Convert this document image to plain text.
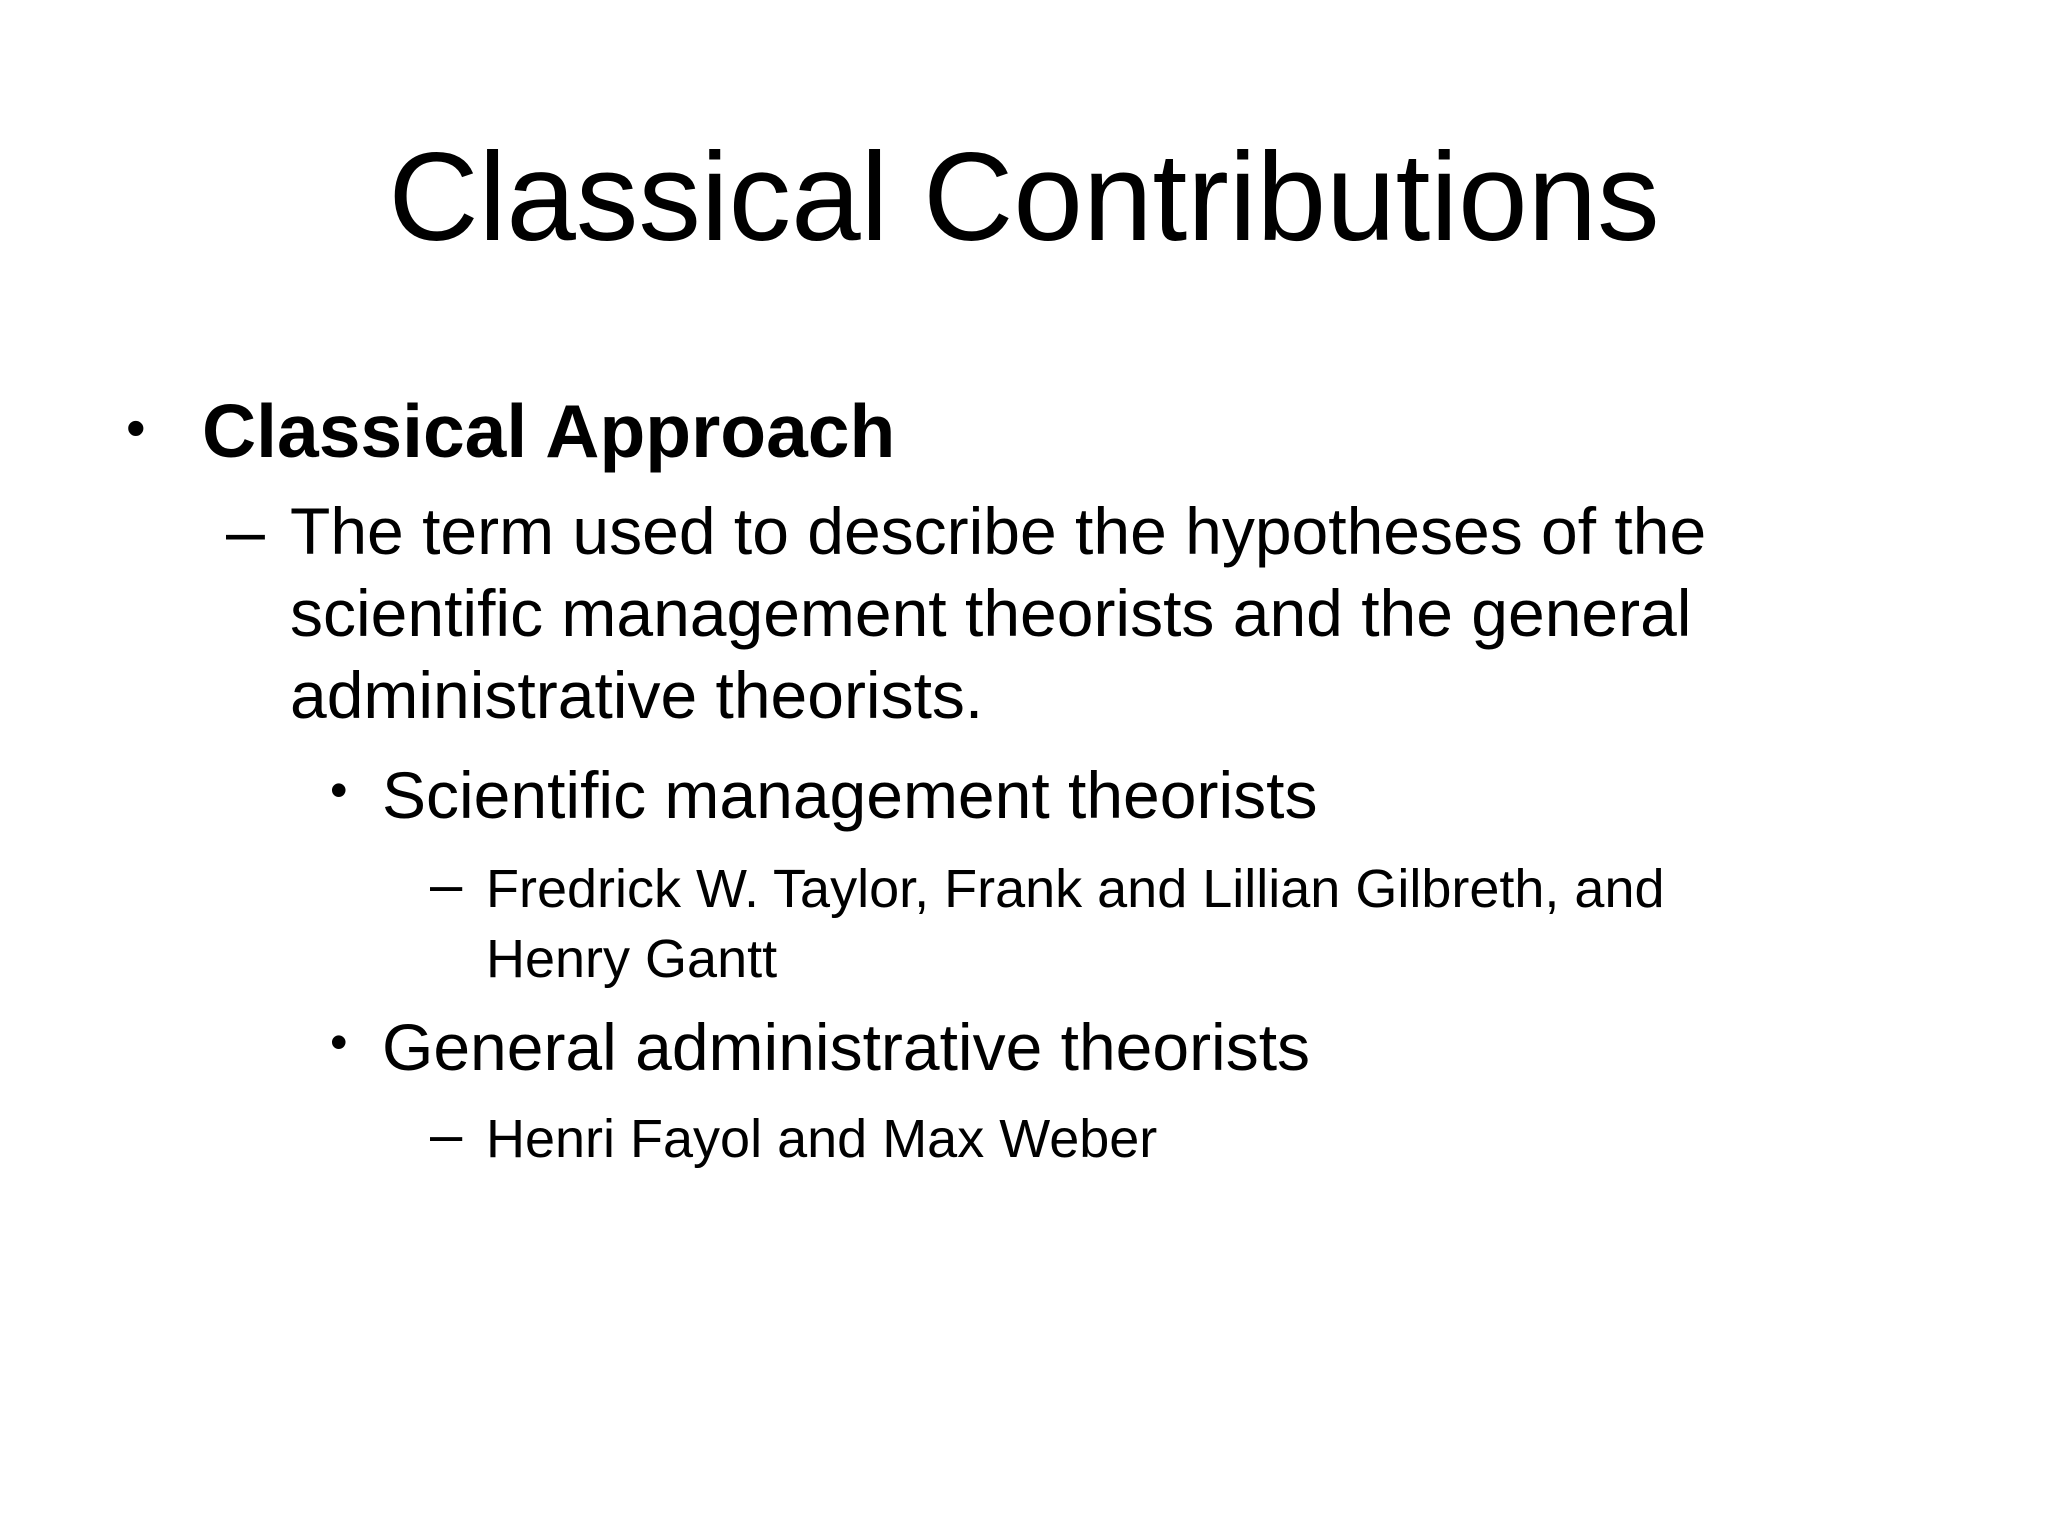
Classical Contributions
• Classical Approach
– The term used to describe the hypotheses of the
scientific management theorists and the general
administrative theorists.
• Scientific management theorists
– Fredrick W. Taylor, Frank and Lillian Gilbreth, and
Henry Gantt
• General administrative theorists
– Henri Fayol and Max Weber
